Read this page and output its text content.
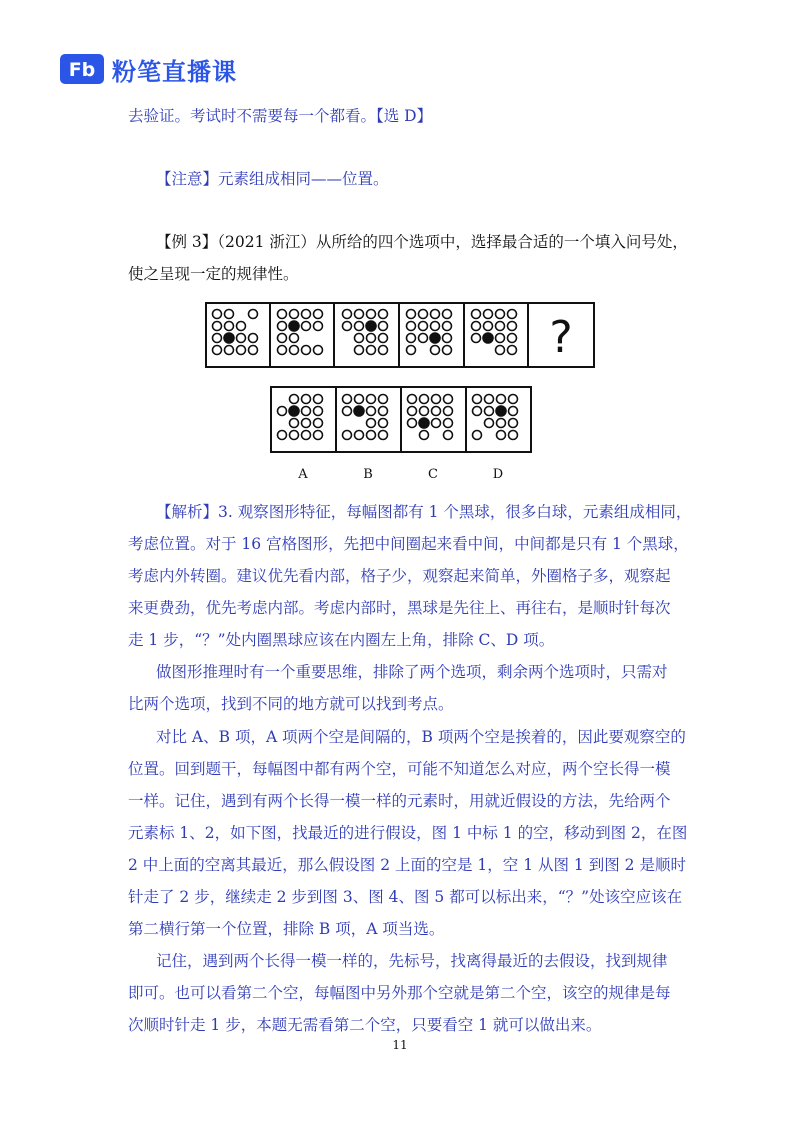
Fb 粉笔直播课
去验证。考试时不需要每一个都看。【选 D】
【注意】元素组成相同——位置。
【例 3】（2021 浙江）从所给的四个选项中，选择最合适的一个填入问号处，
使之呈现一定的规律性。
?
A	B	C	D
【解析】3. 观察图形特征，每幅图都有 1 个黑球，很多白球，元素组成相同，
考虑位置。对于 16 宫格图形，先把中间圈起来看中间，中间都是只有 1 个黑球，
考虑内外转圈。建议优先看内部，格子少，观察起来简单，外圈格子多，观察起
来更费劲，优先考虑内部。考虑内部时，黑球是先往上、再往右，是顺时针每次
走 1 步，“？”处内圈黑球应该在内圈左上角，排除 C、D 项。
做图形推理时有一个重要思维，排除了两个选项，剩余两个选项时，只需对
比两个选项，找到不同的地方就可以找到考点。
对比 A、B 项，A 项两个空是间隔的，B 项两个空是挨着的，因此要观察空的
位置。回到题干，每幅图中都有两个空，可能不知道怎么对应，两个空长得一模
一样。记住，遇到有两个长得一模一样的元素时，用就近假设的方法，先给两个
元素标 1、2，如下图，找最近的进行假设，图 1 中标 1 的空，移动到图 2，在图
2 中上面的空离其最近，那么假设图 2 上面的空是 1，空 1 从图 1 到图 2 是顺时
针走了 2 步，继续走 2 步到图 3、图 4、图 5 都可以标出来，“？”处该空应该在
第二横行第一个位置，排除 B 项，A 项当选。
记住，遇到两个长得一模一样的，先标号，找离得最近的去假设，找到规律
即可。也可以看第二个空，每幅图中另外那个空就是第二个空，该空的规律是每
次顺时针走 1 步，本题无需看第二个空，只要看空 1 就可以做出来。
11
